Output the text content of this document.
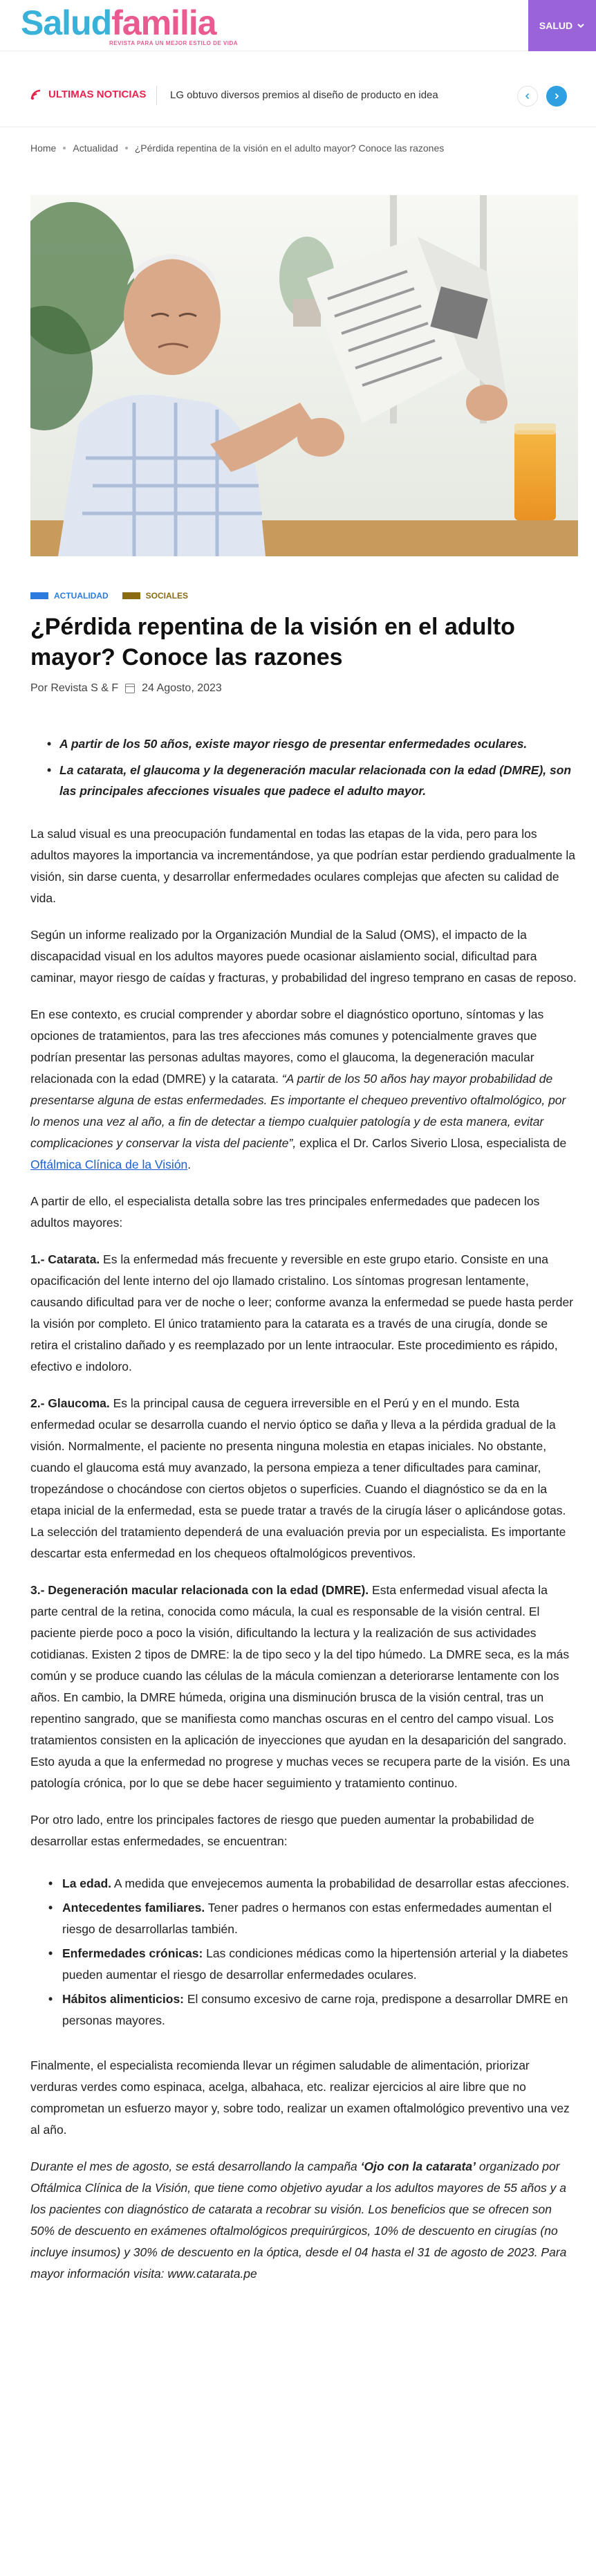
Saludfamilia
REVISTA PARA UN MEJOR ESTILO DE VIDA
SALUD
ULTIMAS NOTICIAS LG obtuvo diversos premios al diseño de producto en idea
Home Actualidad ¿Pérdida repentina de la visión en el adulto mayor? Conoce las razones
ACTUALIDAD	SOCIALES
¿Pérdida repentina de la visión en el adulto mayor? Conoce las razones
Por Revista S & F 24 Agosto, 2023
• A partir de los 50 años, existe mayor riesgo de presentar enfermedades oculares.
• La catarata, el glaucoma y la degeneración macular relacionada con la edad (DMRE), son las principales afecciones visuales que padece el adulto mayor.

La salud visual es una preocupación fundamental en todas las etapas de la vida, pero para los adultos mayores la importancia va incrementándose, ya que podrían estar perdiendo gradualmente la visión, sin darse cuenta, y desarrollar enfermedades oculares complejas que afecten su calidad de vida.

Según un informe realizado por la Organización Mundial de la Salud (OMS), el impacto de la discapacidad visual en los adultos mayores puede ocasionar aislamiento social, dificultad para caminar, mayor riesgo de caídas y fracturas, y probabilidad del ingreso temprano en casas de reposo.

En ese contexto, es crucial comprender y abordar sobre el diagnóstico oportuno, síntomas y las opciones de tratamientos, para las tres afecciones más comunes y potencialmente graves que podrían presentar las personas adultas mayores, como el glaucoma, la degeneración macular relacionada con la edad (DMRE) y la catarata. “A partir de los 50 años hay mayor probabilidad de presentarse alguna de estas enfermedades. Es importante el chequeo preventivo oftalmológico, por lo menos una vez al año, a fin de detectar a tiempo cualquier patología y de esta manera, evitar complicaciones y conservar la vista del paciente”, explica el Dr. Carlos Siverio Llosa, especialista de Oftálmica Clínica de la Visión.

A partir de ello, el especialista detalla sobre las tres principales enfermedades que padecen los adultos mayores:

1.- Catarata. Es la enfermedad más frecuente y reversible en este grupo etario. Consiste en una opacificación del lente interno del ojo llamado cristalino. Los síntomas progresan lentamente, causando dificultad para ver de noche o leer; conforme avanza la enfermedad se puede hasta perder la visión por completo. El único tratamiento para la catarata es a través de una cirugía, donde se retira el cristalino dañado y es reemplazado por un lente intraocular. Este procedimiento es rápido, efectivo e indoloro.

2.- Glaucoma. Es la principal causa de ceguera irreversible en el Perú y en el mundo. Esta enfermedad ocular se desarrolla cuando el nervio óptico se daña y lleva a la pérdida gradual de la visión. Normalmente, el paciente no presenta ninguna molestia en etapas iniciales. No obstante, cuando el glaucoma está muy avanzado, la persona empieza a tener dificultades para caminar, tropezándose o chocándose con ciertos objetos o superficies. Cuando el diagnóstico se da en la etapa inicial de la enfermedad, esta se puede tratar a través de la cirugía láser o aplicándose gotas. La selección del tratamiento dependerá de una evaluación previa por un especialista. Es importante descartar esta enfermedad en los chequeos oftalmológicos preventivos.

3.- Degeneración macular relacionada con la edad (DMRE). Esta enfermedad visual afecta la parte central de la retina, conocida como mácula, la cual es responsable de la visión central. El paciente pierde poco a poco la visión, dificultando la lectura y la realización de sus actividades cotidianas. Existen 2 tipos de DMRE: la de tipo seco y la del tipo húmedo. La DMRE seca, es la más común y se produce cuando las células de la mácula comienzan a deteriorarse lentamente con los años. En cambio, la DMRE húmeda, origina una disminución brusca de la visión central, tras un repentino sangrado, que se manifiesta como manchas oscuras en el centro del campo visual. Los tratamientos consisten en la aplicación de inyecciones que ayudan en la desaparición del sangrado. Esto ayuda a que la enfermedad no progrese y muchas veces se recupera parte de la visión. Es una patología crónica, por lo que se debe hacer seguimiento y tratamiento continuo.

Por otro lado, entre los principales factores de riesgo que pueden aumentar la probabilidad de desarrollar estas enfermedades, se encuentran:

• La edad. A medida que envejecemos aumenta la probabilidad de desarrollar estas afecciones.
• Antecedentes familiares. Tener padres o hermanos con estas enfermedades aumentan el riesgo de desarrollarlas también.
• Enfermedades crónicas: Las condiciones médicas como la hipertensión arterial y la diabetes pueden aumentar el riesgo de desarrollar enfermedades oculares.
• Hábitos alimenticios: El consumo excesivo de carne roja, predispone a desarrollar DMRE en personas mayores.

Finalmente, el especialista recomienda llevar un régimen saludable de alimentación, priorizar verduras verdes como espinaca, acelga, albahaca, etc. realizar ejercicios al aire libre que no comprometan un esfuerzo mayor y, sobre todo, realizar un examen oftalmológico preventivo una vez al año.

Durante el mes de agosto, se está desarrollando la campaña ‘Ojo con la catarata’ organizado por Oftálmica Clínica de la Visión, que tiene como objetivo ayudar a los adultos mayores de 55 años y a los pacientes con diagnóstico de catarata a recobrar su visión. Los beneficios que se ofrecen son 50% de descuento en exámenes oftalmológicos prequirúrgicos, 10% de descuento en cirugías (no incluye insumos) y 30% de descuento en la óptica, desde el 04 hasta el 31 de agosto de 2023. Para mayor información visita: www.catarata.pe
